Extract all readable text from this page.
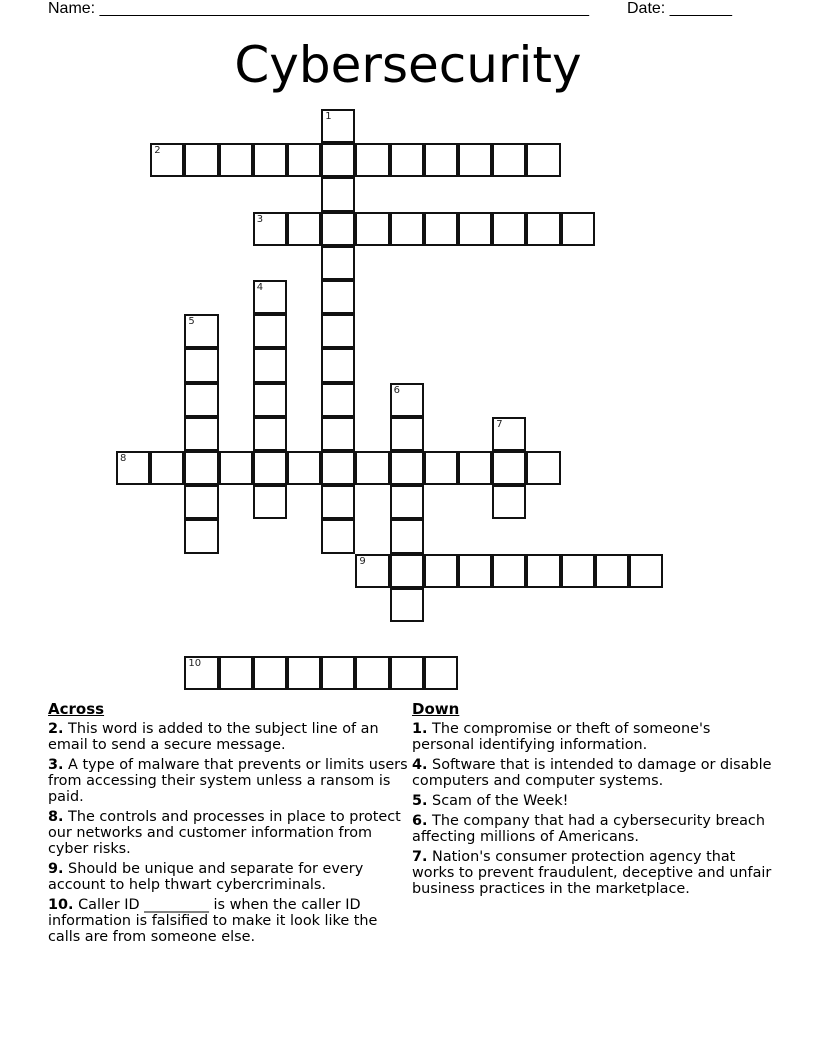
Name: _______________________________________________________ Date: _______
Cybersecurity
1
2
3
4
5
6
7
8
9
10
Across
2. This word is added to the subject line of an email to send a secure message.
3. A type of malware that prevents or limits users from accessing their system unless a ransom is paid.
8. The controls and processes in place to protect our networks and customer information from cyber risks.
9. Should be unique and separate for every account to help thwart cybercriminals.
10. Caller ID _________ is when the caller ID information is falsified to make it look like the calls are from someone else.
Down
1. The compromise or theft of someone's personal identifying information.
4. Software that is intended to damage or disable computers and computer systems.
5. Scam of the Week!
6. The company that had a cybersecurity breach affecting millions of Americans.
7. Nation's consumer protection agency that works to prevent fraudulent, deceptive and unfair business practices in the marketplace.
